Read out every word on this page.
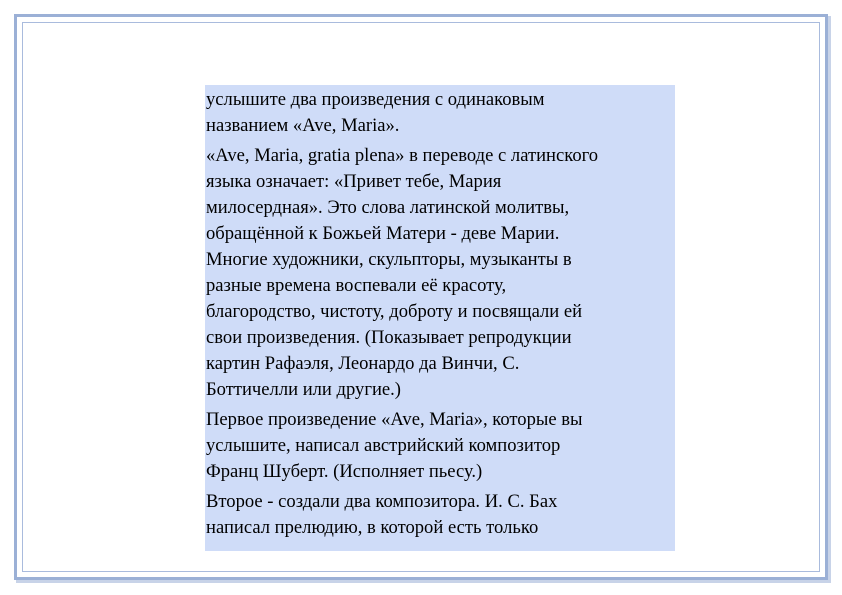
услышите два произведения с одинаковым
названием «Ave, Maria».

«Ave, Maria, gratia plena» в переводе с латинского
языка означает: «Привет тебе, Мария
милосердная». Это слова латинской молитвы,
обращённой к Божьей Матери - деве Марии.
Многие художники, скульпторы, музыканты в
разные времена воспевали её красоту,
благородство, чистоту, доброту и посвящали ей
свои произведения. (Показывает репродукции
картин Рафаэля, Леонардо да Винчи, С.
Боттичелли или другие.)

Первое произведение «Ave, Maria», которые вы
услышите, написал австрийский композитор
Франц Шуберт. (Исполняет пьесу.)

Второе - создали два композитора. И. С. Бах
написал прелюдию, в которой есть только
